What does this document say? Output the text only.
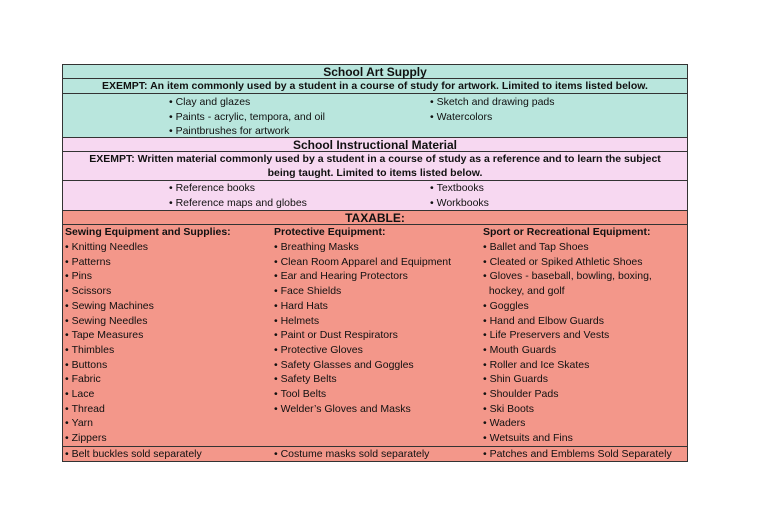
School Art Supply
EXEMPT: An item commonly used by a student in a course of study for artwork. Limited to items listed below.
• Clay and glazes
• Paints - acrylic, tempora, and oil
• Paintbrushes for artwork
• Sketch and drawing pads
• Watercolors
School Instructional Material
EXEMPT: Written material commonly used by a student in a course of study as a reference and to learn the subject
being taught. Limited to items listed below.
• Reference books
• Reference maps and globes
• Textbooks
• Workbooks
TAXABLE:
Sewing Equipment and Supplies:
• Knitting Needles
• Patterns
• Pins
• Scissors
• Sewing Machines
• Sewing Needles
• Tape Measures
• Thimbles
• Buttons
• Fabric
• Lace
• Thread
• Yarn
• Zippers
Protective Equipment:
• Breathing Masks
• Clean Room Apparel and Equipment
• Ear and Hearing Protectors
• Face Shields
• Hard Hats
• Helmets
• Paint or Dust Respirators
• Protective Gloves
• Safety Glasses and Goggles
• Safety Belts
• Tool Belts
• Welder’s Gloves and Masks
Sport or Recreational Equipment:
• Ballet and Tap Shoes
• Cleated or Spiked Athletic Shoes
• Gloves - baseball, bowling, boxing,
hockey, and golf
• Goggles
• Hand and Elbow Guards
• Life Preservers and Vests
• Mouth Guards
• Roller and Ice Skates
• Shin Guards
• Shoulder Pads
• Ski Boots
• Waders
• Wetsuits and Fins
• Belt buckles sold separately	• Costume masks sold separately	• Patches and Emblems Sold Separately
